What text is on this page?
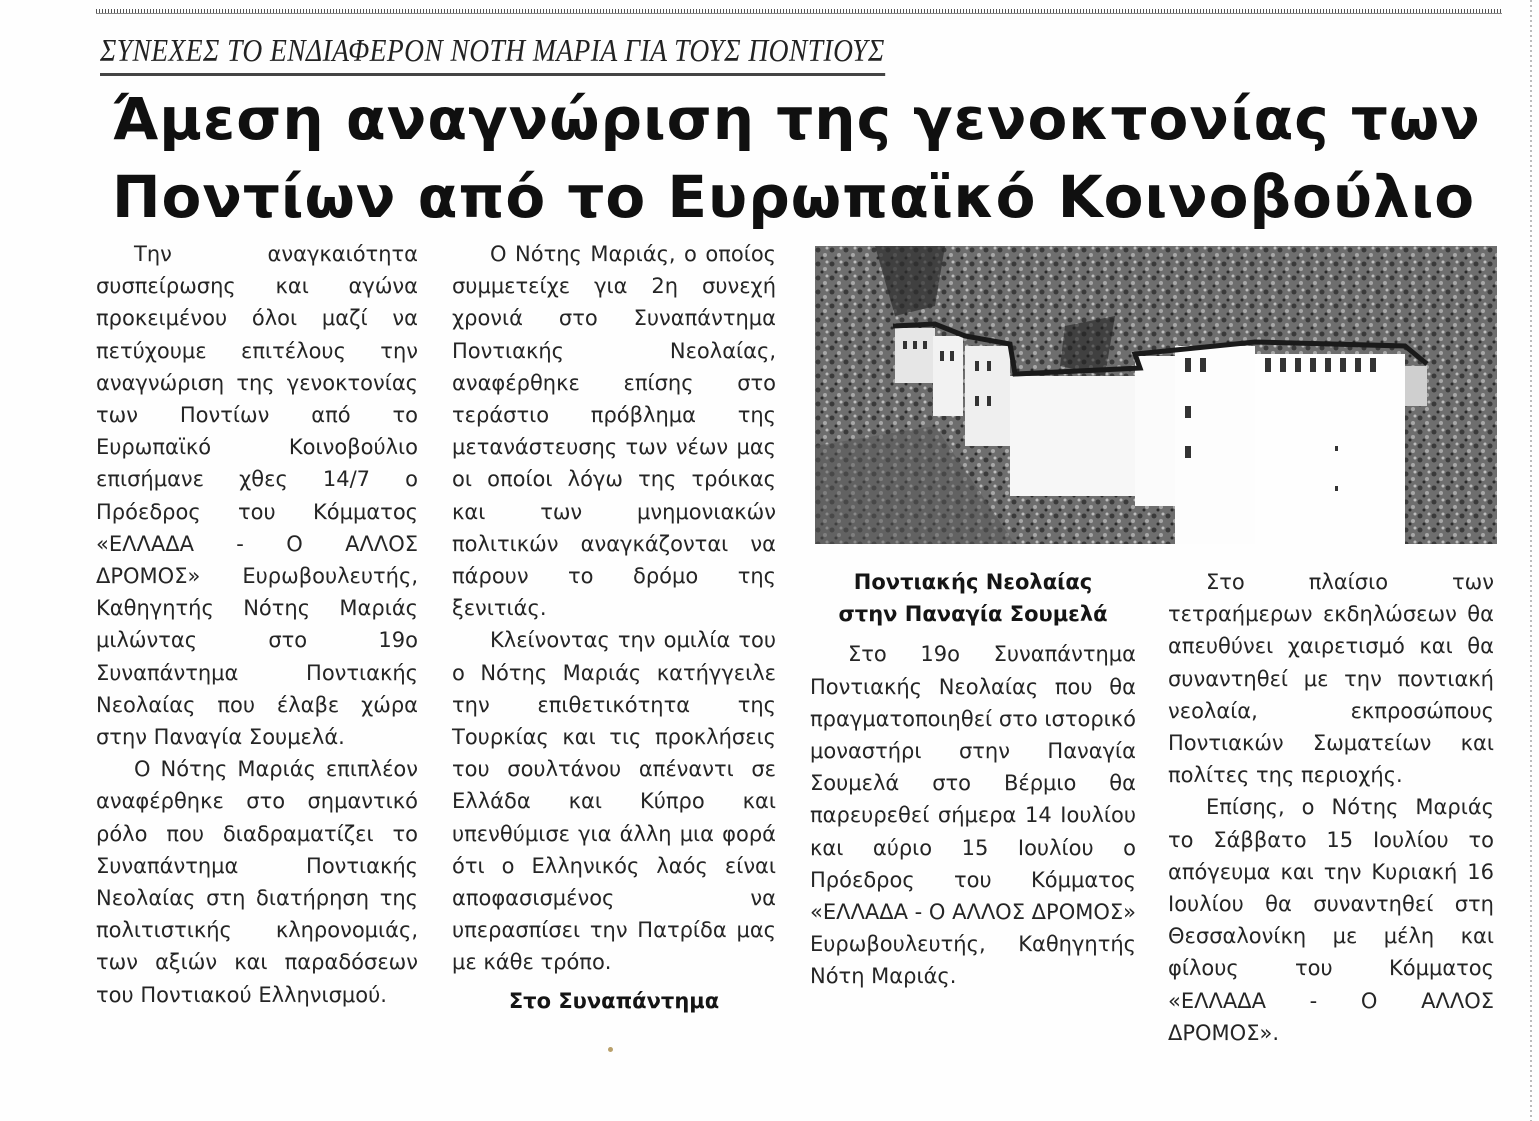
ΣΥΝΕΧΕΣ ΤΟ ΕΝΔΙΑΦΕΡΟΝ ΝΟΤΗ ΜΑΡΙΑ ΓΙΑ ΤΟΥΣ ΠΟΝΤΙΟΥΣ
Άμεση αναγνώριση της γενοκτονίας των
Ποντίων από το Ευρωπαϊκό Κοινοβούλιο

Την αναγκαιότητα συσπείρωσης και αγώνα προκειμένου όλοι μαζί να πετύχουμε επιτέλους την αναγνώριση της γενοκτονίας των Ποντίων από το Ευρωπαϊκό Κοινοβούλιο επισήμανε χθες 14/7 ο Πρόεδρος του Κόμματος «ΕΛΛΑΔΑ - Ο ΑΛΛΟΣ ΔΡΟΜΟΣ» Ευρωβουλευτής, Καθηγητής Νότης Μαριάς μιλώντας στο 19ο Συναπάντημα Ποντιακής Νεολαίας που έλαβε χώρα στην Παναγία Σουμελά.

Ο Νότης Μαριάς επιπλέον αναφέρθηκε στο σημαντικό ρόλο που διαδραματίζει το Συναπάντημα Ποντιακής Νεολαίας στη διατήρηση της πολιτιστικής κληρονομιάς, των αξιών και παραδόσεων του Ποντιακού Ελληνισμού.

Ο Νότης Μαριάς, ο οποίος συμμετείχε για 2η συνεχή χρονιά στο Συναπάντημα Ποντιακής Νεολαίας, αναφέρθηκε επίσης στο τεράστιο πρόβλημα της μετανάστευσης των νέων μας οι οποίοι λόγω της τρόικας και των μνημονιακών πολιτικών αναγκάζονται να πάρουν το δρόμο της ξενιτιάς.

Κλείνοντας την ομιλία του ο Νότης Μαριάς κατήγγειλε την επιθετικότητα της Τουρκίας και τις προκλήσεις του σουλτάνου απέναντι σε Ελλάδα και Κύπρο και υπενθύμισε για άλλη μια φορά ότι ο Ελληνικός λαός είναι αποφασισμένος να υπερασπίσει την Πατρίδα μας με κάθε τρόπο.

Στο Συναπάντημα

Ποντιακής Νεολαίας

στην Παναγία Σουμελά

Στο 19ο Συναπάντημα Ποντιακής Νεολαίας που θα πραγματοποιηθεί στο ιστορικό μοναστήρι στην Παναγία Σουμελά στο Βέρμιο θα παρευρεθεί σήμερα 14 Ιουλίου και αύριο 15 Ιουλίου ο Πρόεδρος του Κόμματος «ΕΛΛΑΔΑ - Ο ΑΛΛΟΣ ΔΡΟΜΟΣ» Ευρωβουλευτής, Καθηγητής Νότη Μαριάς.

Στο πλαίσιο των τετραήμερων εκδηλώσεων θα απευθύνει χαιρετισμό και θα συναντηθεί με την ποντιακή νεολαία, εκπροσώπους Ποντιακών Σωματείων και πολίτες της περιοχής.

Επίσης, ο Νότης Μαριάς το Σάββατο 15 Ιουλίου το απόγευμα και την Κυριακή 16 Ιουλίου θα συναντηθεί στη Θεσσαλονίκη με μέλη και φίλους του Κόμματος «ΕΛΛΑΔΑ - Ο ΑΛΛΟΣ ΔΡΟΜΟΣ».
